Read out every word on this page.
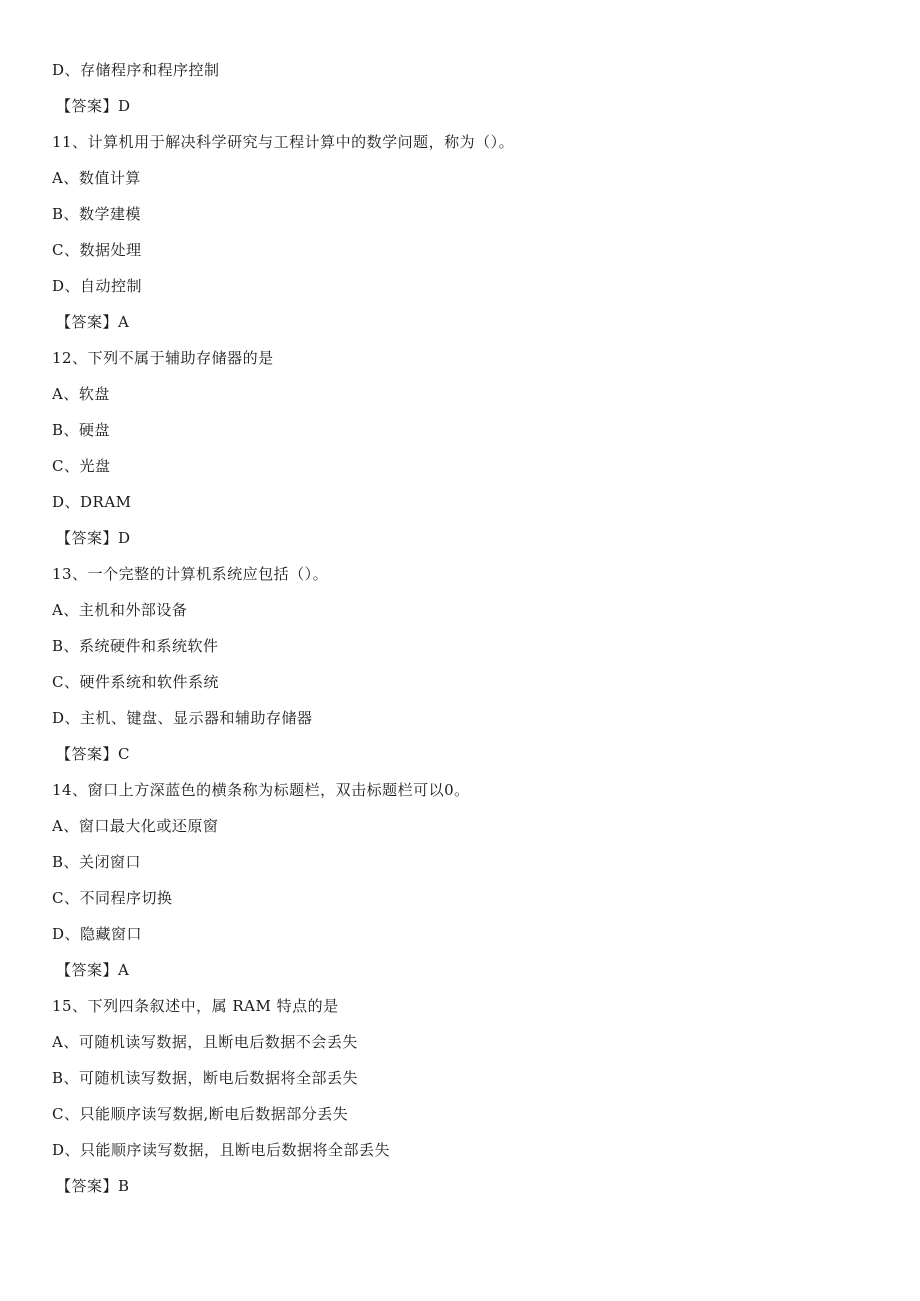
D、存储程序和程序控制

【答案】D

11、计算机用于解决科学研究与工程计算中的数学问题，称为（）。

A、数值计算

B、数学建模

C、数据处理

D、自动控制

【答案】A

12、下列不属于辅助存储器的是

A、软盘

B、硬盘

C、光盘

D、DRAM

【答案】D

13、一个完整的计算机系统应包括（）。

A、主机和外部设备

B、系统硬件和系统软件

C、硬件系统和软件系统

D、主机、键盘、显示器和辅助存储器

【答案】C

14、窗口上方深蓝色的横条称为标题栏，双击标题栏可以0。

A、窗口最大化或还原窗

B、关闭窗口

C、不同程序切换

D、隐藏窗口

【答案】A

15、下列四条叙述中，属 RAM 特点的是

A、可随机读写数据，且断电后数据不会丢失

B、可随机读写数据，断电后数据将全部丢失

C、只能顺序读写数据,断电后数据部分丢失

D、只能顺序读写数据，且断电后数据将全部丢失

【答案】B
